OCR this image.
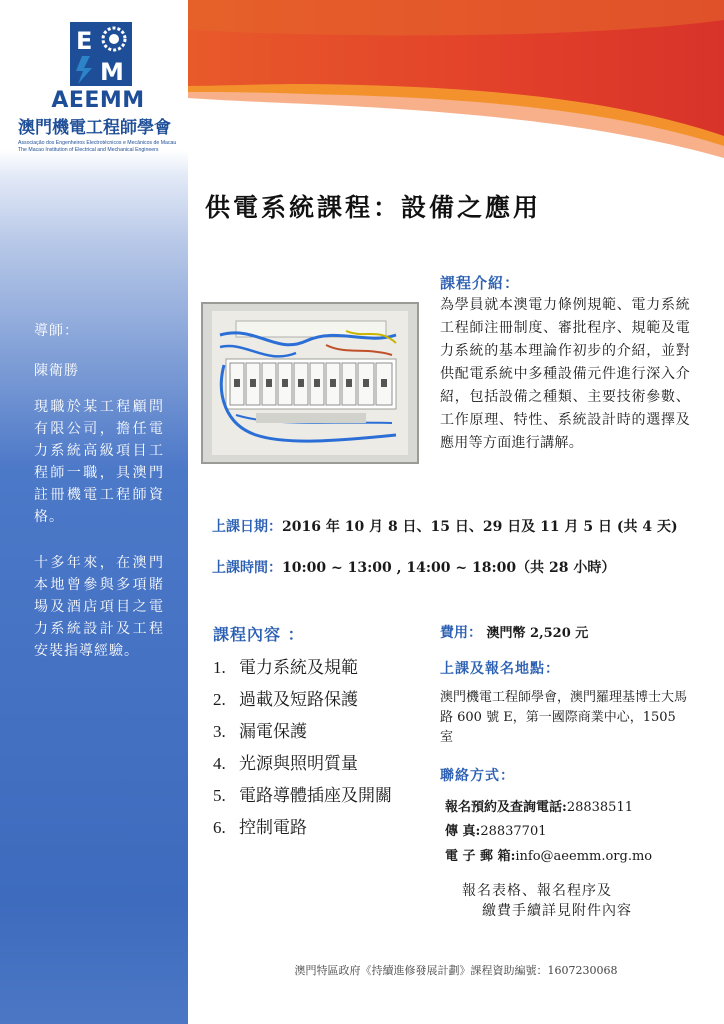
E
M
AEEMM
澳門機電工程師學會
Associação dos Engenheiros Electrotécnicos e Mecânicos de Macau
The Macao Institution of Electrical and Mechanical Engineers
導師：
陳衛勝
現職於某工程顧問有限公司，擔任電力系統高級項目工程師一職，具澳門註冊機電工程師資格。
十多年來，在澳門本地曾參與多項賭場及酒店項目之電力系統設計及工程安裝指導經驗。
供電系統課程：設備之應用
課程介紹：
為學員就本澳電力條例規範、電力系統工程師注冊制度、審批程序、規範及電力系統的基本理論作初步的介紹，並對供配電系統中多種設備元件進行深入介紹，包括設備之種類、主要技術參數、工作原理、特性、系統設計時的選擇及應用等方面進行講解。
上課日期：2016 年 10 月 8 日、15 日、29 日及 11 月 5 日 (共 4 天)
上課時間：10:00 ~ 13:00 , 14:00 ~ 18:00（共 28 小時）
課程內容 ：
1. 電力系統及規範
2. 過載及短路保護
3. 漏電保護
4. 光源與照明質量
5. 電路導體插座及開關
6. 控制電路
費用： 澳門幣 2,520 元
上課及報名地點：
澳門機電工程師學會，澳門羅理基博士大馬路 600 號 E，第一國際商業中心，1505 室
聯絡方式：
報名預約及查詢電話:28838511
傳 真:28837701
電 子 郵 箱:info@aeemm.org.mo
報名表格、報名程序及
繳費手續詳見附件內容
澳門特區政府《持續進修發展計劃》課程資助編號：1607230068
